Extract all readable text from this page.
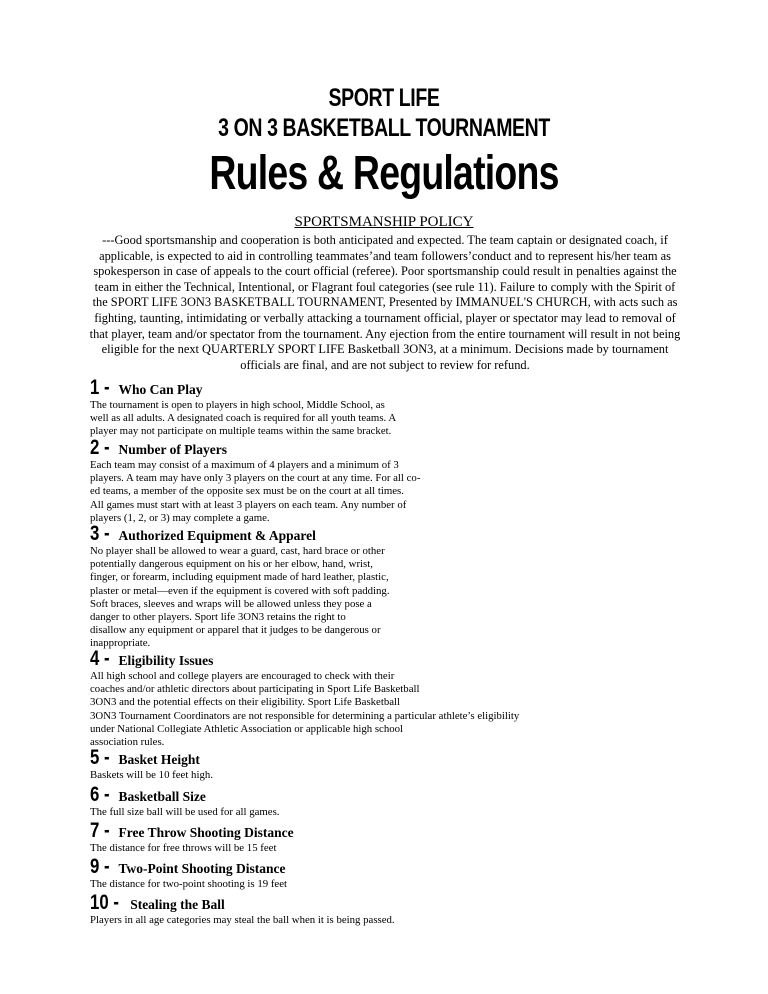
SPORT LIFE
3 ON 3 BASKETBALL TOURNAMENT
Rules & Regulations
SPORTSMANSHIP POLICY
---Good sportsmanship and cooperation is both anticipated and expected. The team captain or designated coach, if applicable, is expected to aid in controlling teammates’and team followers’conduct and to represent his/her team as spokesperson in case of appeals to the court official (referee). Poor sportsmanship could result in penalties against the team in either the Technical, Intentional, or Flagrant foul categories (see rule 11). Failure to comply with the Spirit of the SPORT LIFE 3ON3 BASKETBALL TOURNAMENT, Presented by IMMANUEL'S CHURCH, with acts such as fighting, taunting, intimidating or verbally attacking a tournament official, player or spectator may lead to removal of that player, team and/or spectator from the tournament. Any ejection from the entire tournament will result in not being eligible for the next QUARTERLY SPORT LIFE Basketball 3ON3, at a minimum. Decisions made by tournament officials are final, and are not subject to review for refund.
1 - Who Can Play
The tournament is open to players in high school, Middle School, as
well as all adults. A designated coach is required for all youth teams. A
player may not participate on multiple teams within the same bracket.
2 - Number of Players
Each team may consist of a maximum of 4 players and a minimum of 3
players. A team may have only 3 players on the court at any time. For all co-
ed teams, a member of the opposite sex must be on the court at all times.
All games must start with at least 3 players on each team. Any number of
players (1, 2, or 3) may complete a game.
3 - Authorized Equipment & Apparel
No player shall be allowed to wear a guard, cast, hard brace or other
potentially dangerous equipment on his or her elbow, hand, wrist,
finger, or forearm, including equipment made of hard leather, plastic,
plaster or metal—even if the equipment is covered with soft padding.
Soft braces, sleeves and wraps will be allowed unless they pose a
danger to other players. Sport life 3ON3 retains the right to
disallow any equipment or apparel that it judges to be dangerous or
inappropriate.
4 - Eligibility Issues
All high school and college players are encouraged to check with their
coaches and/or athletic directors about participating in Sport Life Basketball
3ON3 and the potential effects on their eligibility. Sport Life Basketball
3ON3 Tournament Coordinators are not responsible for determining a particular athlete’s eligibility
under National Collegiate Athletic Association or applicable high school
association rules.
5 - Basket Height
Baskets will be 10 feet high.
6 - Basketball Size
The full size ball will be used for all games.
7 - Free Throw Shooting Distance
The distance for free throws will be 15 feet
9 - Two-Point Shooting Distance
The distance for two-point shooting is 19 feet
10 - Stealing the Ball
Players in all age categories may steal the ball when it is being passed.
